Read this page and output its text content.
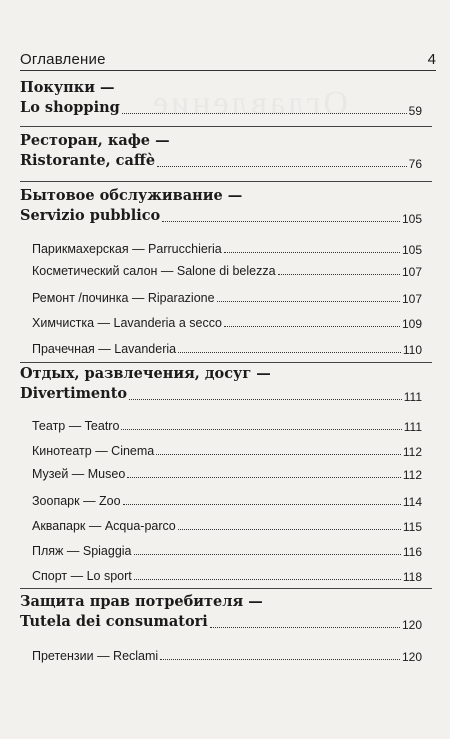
Оглавление
Оглавление	4
Покупки —
Lo shopping	59
Ресторан, кафе —
Ristorante, caffè	76
Бытовое обслуживание —
Servizio pubblico	105
Парикмахерская — Parrucchieria	105
Косметический салон — Salone di belezza	107
Ремонт /починка — Riparazione	107
Химчистка — Lavanderia a secco	109
Прачечная — Lavanderia	110
Отдых, развлечения, досуг —
Divertimento	111
Театр — Teatro	111
Кинотеатр — Cinema	112
Музей — Museo	112
Зоопарк — Zoo	114
Аквапарк — Acqua-parco	115
Пляж — Spiaggia	116
Спорт — Lo sport	118
Защита прав потребителя —
Tutela dei consumatori	120
Претензии — Reclami	120
